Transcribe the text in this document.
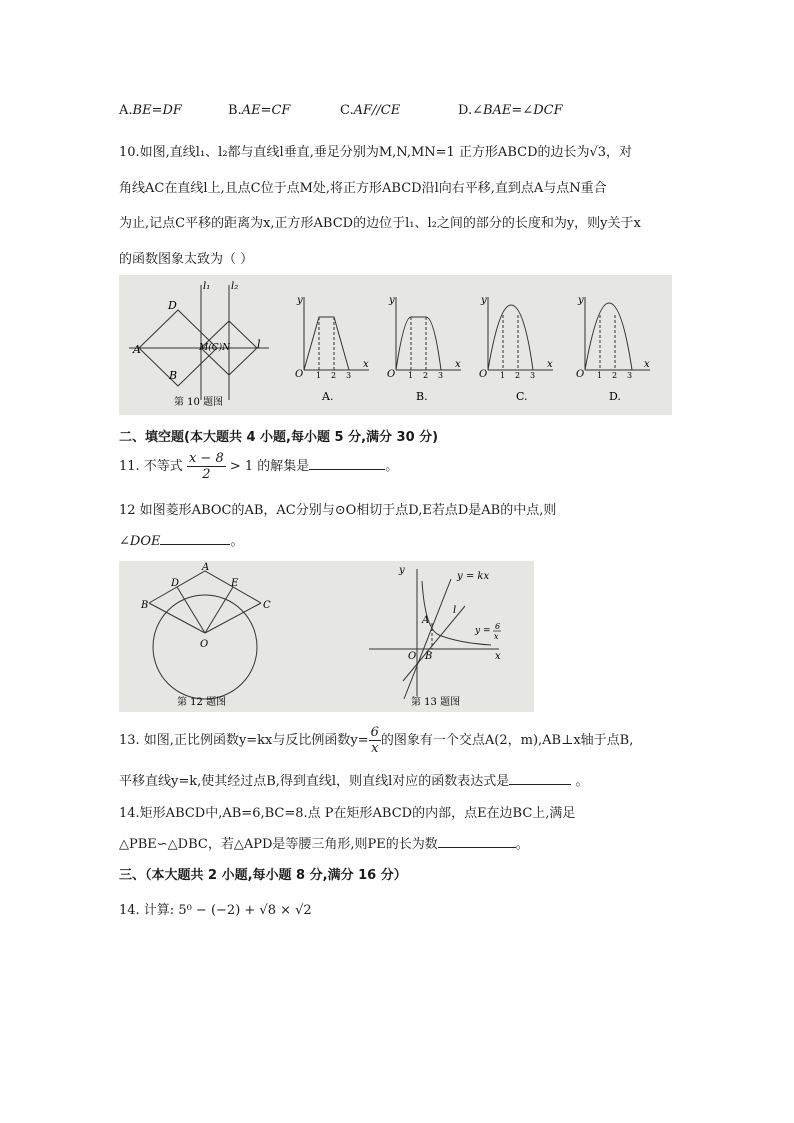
A.BE=DF	B.AE=CF	C.AF//CE	D.∠BAE=∠DCF
10.如图,直线l₁、l₂都与直线l垂直,垂足分别为M,N,MN=1 正方形ABCD的边长为√3，对
角线AC在直线l上,且点C位于点M处,将正方形ABCD沿l向右平移,直到点A与点N重合
为止,记点C平移的距离为x,正方形ABCD的边位于l₁、l₂之间的部分的长度和为y，则y关于x
的函数图象太致为（ ）
D
A
B
M(C)N l
l₁ l₂
第 10 题图
y
x
O 1 2 3
A.
y
x
O 1 2 3
B.
y
x
O 1 2 3
C.
y
x
O 1 2 3
D.
二、填空题(本大题共 4 小题,每小题 5 分,满分 30 分)
11. 不等式 $\frac{x - 8}{2} > 1$ 的解集是	。
12 如图菱形ABOC的AB，AC分别与⊙O相切于点D,E若点D是AB的中点,则
∠DOE	。
A
B	C
D	E
O
第 12 题图
y
x
O
A
B
l
y = kx
y = 6
x
第 13 题图
13. 如图,正比例函数y=kx与反比例函数$y= \frac{6}{x}$ 的图象有一个交点A(2，m),AB⊥x轴于点B,
平移直线y=k,使其经过点B,得到直线l，则直线l对应的函数表达式是	。
14.矩形ABCD中,AB=6,BC=8.点 P在矩形ABCD的内部，点E在边BC上,满足
△PBE∽△DBC，若△APD是等腰三角形,则PE的长为数	。
三、（本大题共 2 小题,每小题 8 分,满分 16 分）
14. 计算: 5⁰ − (−2) + √8 × √2
